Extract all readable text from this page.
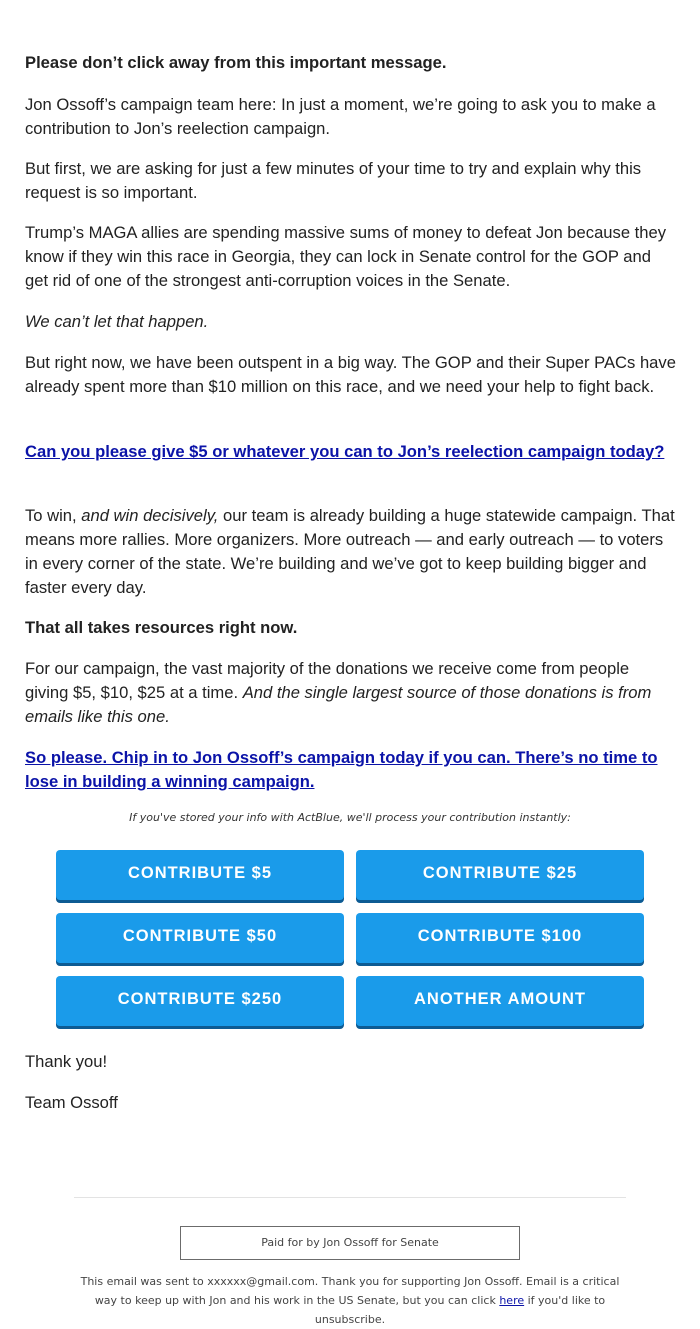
Please don’t click away from this important message.

Jon Ossoff’s campaign team here: In just a moment, we’re going to ask you to make a contribution to Jon’s reelection campaign.

But first, we are asking for just a few minutes of your time to try and explain why this request is so important.

Trump’s MAGA allies are spending massive sums of money to defeat Jon because they know if they win this race in Georgia, they can lock in Senate control for the GOP and get rid of one of the strongest anti-corruption voices in the Senate.

We can’t let that happen.

But right now, we have been outspent in a big way. The GOP and their Super PACs have already spent more than $10 million on this race, and we need your help to fight back.

Can you please give $5 or whatever you can to Jon’s reelection campaign today?

To win, and win decisively, our team is already building a huge statewide campaign. That means more rallies. More organizers. More outreach — and early outreach — to voters in every corner of the state. We’re building and we’ve got to keep building bigger and faster every day.

That all takes resources right now.

For our campaign, the vast majority of the donations we receive come from people giving $5, $10, $25 at a time. And the single largest source of those donations is from emails like this one.

So please. Chip in to Jon Ossoff’s campaign today if you can. There’s no time to lose in building a winning campaign.

If you've stored your info with ActBlue, we'll process your contribution instantly:
CONTRIBUTE $5	CONTRIBUTE $25
CONTRIBUTE $50	CONTRIBUTE $100
CONTRIBUTE $250	ANOTHER AMOUNT

Thank you!

Team Ossoff

Paid for by Jon Ossoff for Senate
This email was sent to xxxxxx@gmail.com. Thank you for supporting Jon Ossoff. Email is a critical way to keep up with Jon and his work in the US Senate, but you can click here if you'd like to unsubscribe.
